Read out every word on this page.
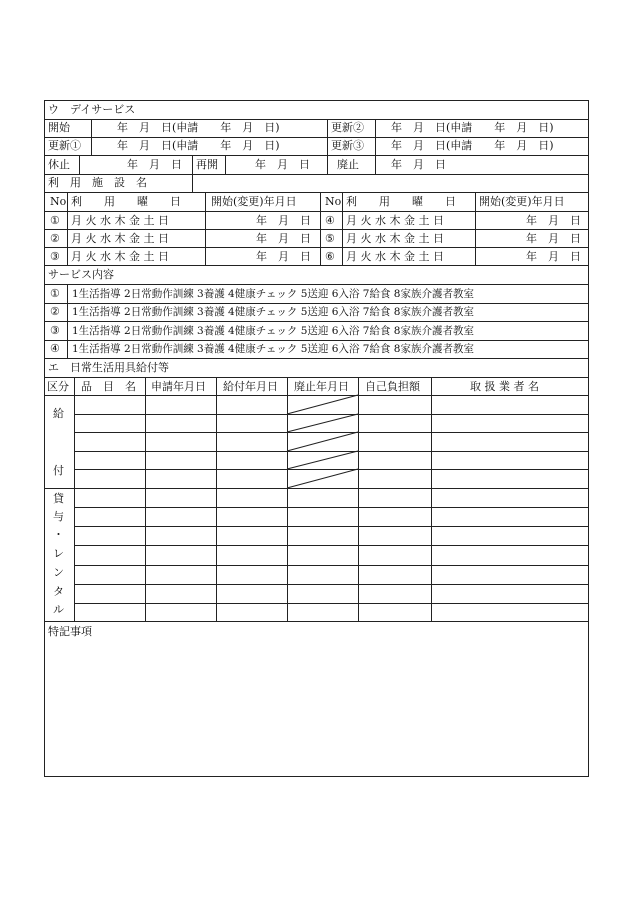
ウ　デイサービス
開始	年　月　日(申請　　年　月　日)	更新② 年　月　日(申請　　年　月　日)
更新①	年　月　日(申請　　年　月　日)	更新③ 年　月　日(申請　　年　月　日)
休止	年　月　日 再開	年　月　日 廃止	年　月　日
利　用　施　設　名
No 利　　用　　曜　　日	開始(変更)年月日	No 利　　用　　曜　　日 開始(変更)年月日
① 月 火 水 木 金 土 日	年　月　日 ④ 月 火 水 木 金 土 日	年　月　日
② 月 火 水 木 金 土 日	年　月　日 ⑤ 月 火 水 木 金 土 日	年　月　日
③ 月 火 水 木 金 土 日	年　月　日 ⑥ 月 火 水 木 金 土 日	年　月　日
サービス内容
① 1生活指導 2日常動作訓練 3養護 4健康チェック 5送迎 6入浴 7給食 8家族介護者教室
② 1生活指導 2日常動作訓練 3養護 4健康チェック 5送迎 6入浴 7給食 8家族介護者教室
③ 1生活指導 2日常動作訓練 3養護 4健康チェック 5送迎 6入浴 7給食 8家族介護者教室
④ 1生活指導 2日常動作訓練 3養護 4健康チェック 5送迎 6入浴 7給食 8家族介護者教室
エ　日常生活用具給付等
区分 品　目　名 申請年月日 給付年月日 廃止年月日 自己負担額	取 扱 業 者 名
給
付
貸
与
・
レ
ン
タ
ル
特記事項
